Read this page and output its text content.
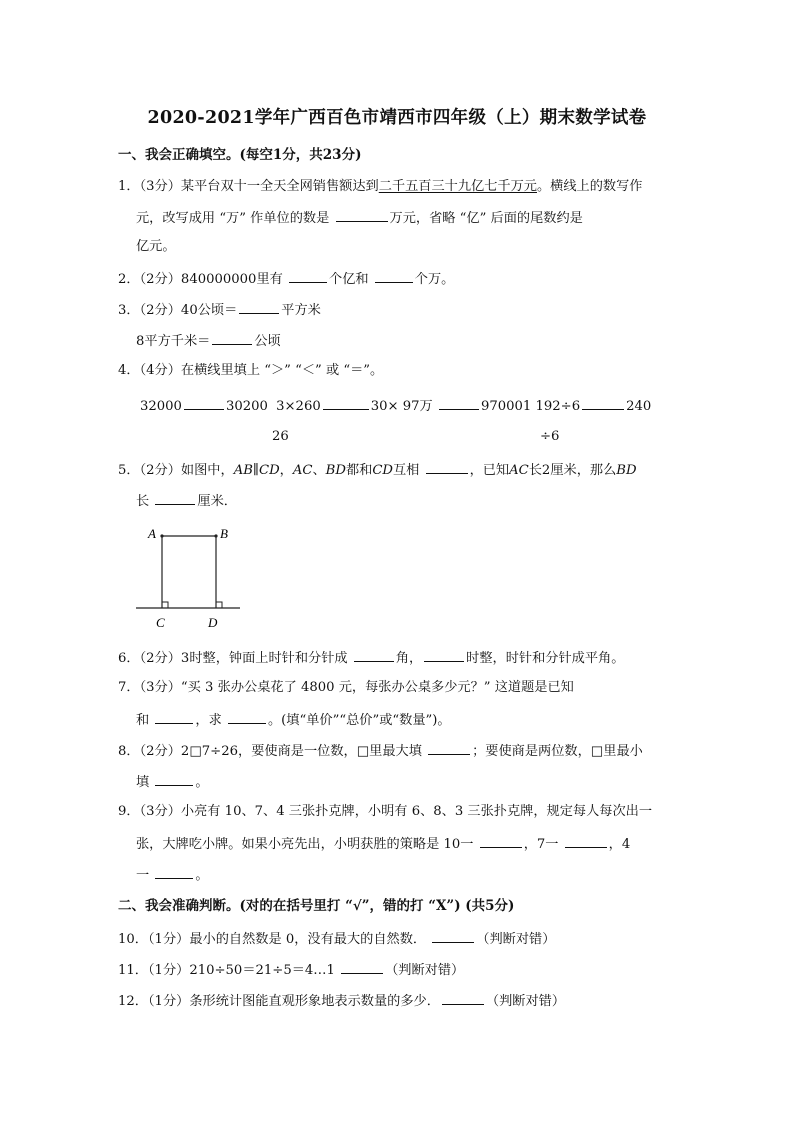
2020-2021学年广西百色市靖西市四年级（上）期末数学试卷
一、我会正确填空。(每空1分，共23分)
1．（3分）某平台双十一全天全网销售额达到二千五百三十九亿七千万元。横线上的数写作
元，改写成用 “万” 作单位的数是	万元，省略 “亿” 后面的尾数约是
亿元。
2．（2分）840000000里有	个亿和	个万。
3．（2分）40公顷＝	平方米
8平方千米＝	公顷
4．（4分）在横线里填上 “＞” “＜” 或 “＝”。
32000	30200 3×260	30× 97万	970001 192÷6	240
26	÷6
5．（2分）如图中，AB∥CD，AC、BD都和CD互相	，已知AC长2厘米，那么BD
长	厘米．
A	B
C	D
6．（2分）3时整，钟面上时针和分针成	角，	时整，时针和分针成平角。
7．（3分）“买 3 张办公桌花了 4800 元，每张办公桌多少元？” 这道题是已知
和	，求	。(填“单价”“总价”或“数量”)。
8．（2分）2□7÷26，要使商是一位数，□里最大填	；要使商是两位数，□里最小
填	。
9．（3分）小亮有 10、7、4 三张扑克牌，小明有 6、8、3 三张扑克牌，规定每人每次出一
张，大牌吃小牌。如果小亮先出，小明获胜的策略是 10一	，7一	，4
一	。
二、我会准确判断。(对的在括号里打 “√”，错的打 “X”) (共5分)
10．（1分）最小的自然数是 0，没有最大的自然数．	（判断对错）
11．（1分）210÷50＝21÷5＝4…1	（判断对错）
12．（1分）条形统计图能直观形象地表示数量的多少．	（判断对错）
